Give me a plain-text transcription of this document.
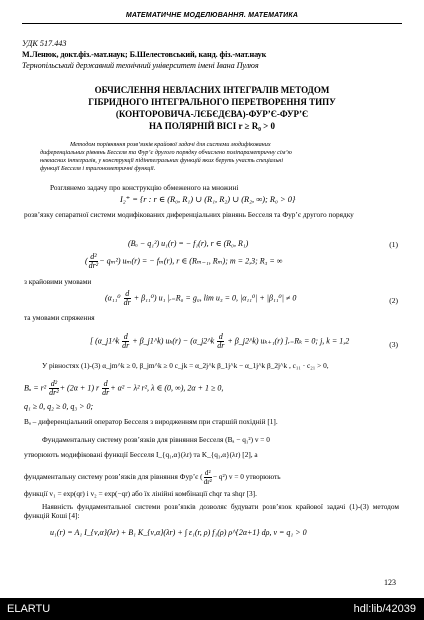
МАТЕМАТИЧНЕ МОДЕЛЮВАННЯ. МАТЕМАТИКА
УДК 517.443
М.Ленюк, докт.фіз.-мат.наук; Б.Шелестовський, канд. фіз.-мат.наук
Тернопільський державний технічний університет імені Івана Пулюя
ОБЧИСЛЕННЯ НЕВЛАСНИХ ІНТЕГРАЛІВ МЕТОДОМ
ГІБРИДНОГО ІНТЕГРАЛЬНОГО ПЕРЕТВОРЕННЯ ТИПУ
(КОНТОРОВИЧА-ЛЄБЄДЄВА)-ФУР’Є-ФУР’Є
НА ПОЛЯРНІЙ ВІСІ r ≥ R₀ > 0
Методом порівняння розв’язків крайової задачі для системи модифікованих
диференціальних рівнянь Бесселя та Фур’є другого порядку обчислено поліпараметричну сім’ю
невласних інтегралів, у конструкції підінтегральних функцій яких беруть участь спеціальні
функції Бесселя і тригонометричні функції.
Розглянемо задачу про конструкцію обмеженого на множині
I₂⁺ = {r : r ∈ (R₀, R₁) ∪ (R₁, R₂) ∪ (R₂, ∞); R₀ > 0}
розв’язку сепаратної системи модифікованих диференціальних рівнянь Бесселя та Фур’є другого порядку
(Bₐ − q₁²) u₁(r) = − f₁(r), r ∈ (R₀, R₁)	(1)
( $\frac{\text{d²}}{\text{dr²}} - q_m^2$) uₘ(r) = − fₘ(r), r ∈ (Rₘ₋₁, Rₘ); m = 2,3; R₃ = ∞
з крайовими умовами
$(\alpha_{11}^0 \frac{d}{dr} + \beta_{11}^0)$ u₁ |ᵣ₌R₀ = g₀, lim u₃ = 0, |α₁₁⁰| + |β₁₁⁰| ≠ 0	(2)
та умовами спряження
[ (α_j1^k $\frac{d}{dr}$ + β_j1^k) uₖ(r) − (α_j2^k $\frac{d}{dr}$ + β_j2^k) uₖ₊₁(r) ]ᵣ₌Rₖ = 0; j, k = 1,2	(3)
У рівностях (1)-(3) α_jm^k ≥ 0, β_jm^k ≥ 0 c_jk = α_2j^k β_1j^k − α_1j^k β_2j^k , c₁₁ · c₂₁ > 0,
$B_a = r^2 \frac{\text{d²}}{\text{dr²}} + (2\alpha + 1)$ r $\frac{d}{dr} + \alpha^2 - \lambda^2$ r², λ ∈ (0, ∞), 2α + 1 ≥ 0,
q₁ ≥ 0, q₂ ≥ 0, q₃ > 0;
Bₐ – диференціальний оператор Бесселя з виродженням при старшій похідній [1].
Фундаментальну систему розв’язків для рівняння Бесселя (Bₐ − q₁²) v = 0
утворюють модифіковані функції Бесселя I_{q₁,α}(λr) та K_{q₁,α}(λr) [2], а
фундаментальну систему розв’язків для рівняння Фур’є ( $\frac{\text{d²}}{\text{dr²}} - q^2$) v = 0 утворюють
функції v₁ = exp(qr) і v₂ = exp(−qr) або їх лінійні комбінації chqr та shqr [3].
Наявність фундаментальної системи розв’язків дозволяє будувати розв’язок крайової задачі (1)-(3) методом функцій Коші [4]:
u₁(r) = A₁ I_{ν,α}(λr) + B₁ K_{ν,α}(λr) + ∫ ε₁(r, ρ) f₁(ρ) ρ^{2α+1} dρ, ν = q₁ > 0
123
ELARTU	hdl:lib/42039
